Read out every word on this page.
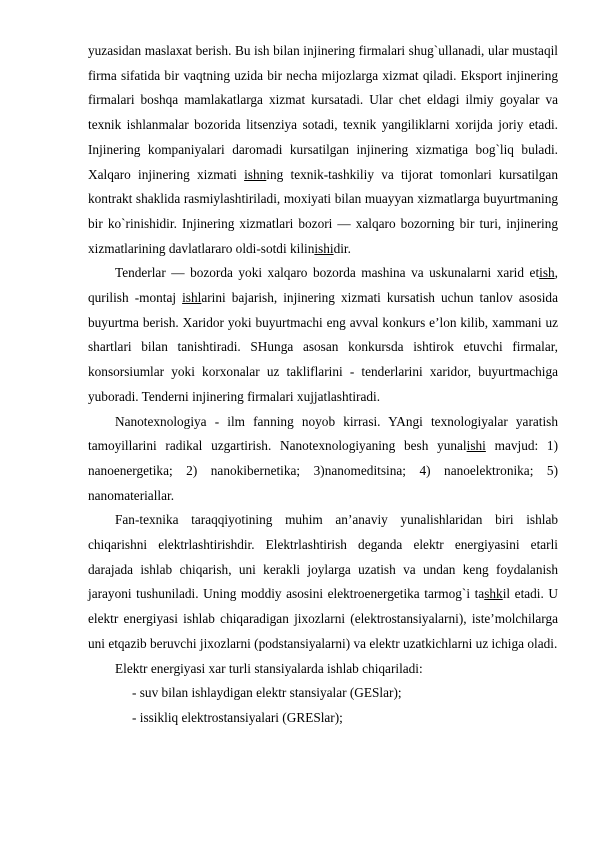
yuzasidan maslaxat berish. Bu ish bilan injinering firmalari shug`ullanadi, ular mustaqil firma sifatida bir vaqtning uzida bir necha mijozlarga xizmat qiladi. Eksport injinering firmalari boshqa mamlakatlarga xizmat kursatadi. Ular chet eldagi ilmiy goyalar va texnik ishlanmalar bozorida litsenziya sotadi, texnik yangiliklarni xorijda joriy etadi. Injinering kompaniyalari daromadi kursatilgan injinering xizmatiga bog`liq buladi. Xalqaro injinering xizmati ishning texnik-tashkiliy va tijorat tomonlari kursatilgan kontrakt shaklida rasmiylashtiriladi, moxiyati bilan muayyan xizmatlarga buyurtmaning bir ko`rinishidir. Injinering xizmatlari bozori — xalqaro bozorning bir turi, injinering xizmatlarining davlatlararo oldi-sotdi kilinishidir.

Tenderlar — bozorda yoki xalqaro bozorda mashina va uskunalarni xarid etish, qurilish -montaj ishlarini bajarish, injinering xizmati kursatish uchun tanlov asosida buyurtma berish. Xaridor yoki buyurtmachi eng avval konkurs e’lon kilib, xammani uz shartlari bilan tanishtiradi. SHunga asosan konkursda ishtirok etuvchi firmalar, konsorsiumlar yoki korxonalar uz takliflarini - tenderlarini xaridor, buyurtmachiga yuboradi. Tenderni injinering firmalari xujjatlashtiradi.

Nanotexnologiya - ilm fanning noyob kirrasi. YAngi texnologiyalar yaratish tamoyillarini radikal uzgartirish. Nanotexnologiyaning besh yunalishi mavjud: 1) nanoenergetika; 2) nanokibernetika; 3)nanomeditsina; 4) nanoelektronika; 5) nanomateriallar.

Fan-texnika taraqqiyotining muhim an’anaviy yunalishlaridan biri ishlab chiqarishni elektrlashtirishdir. Elektrlashtirish deganda elektr energiyasini etarli darajada ishlab chiqarish, uni kerakli joylarga uzatish va undan keng foydalanish jarayoni tushuniladi. Uning moddiy asosini elektroenergetika tarmog`i tashkil etadi. U elektr energiyasi ishlab chiqaradigan jixozlarni (elektrostansiyalarni), iste’molchilarga uni etqazib beruvchi jixozlarni (podstansiyalarni) va elektr uzatkichlarni uz ichiga oladi.

Elektr energiyasi xar turli stansiyalarda ishlab chiqariladi:

- suv bilan ishlaydigan elektr stansiyalar (GESlar);

- issikliq elektrostansiyalari (GRESlar);
